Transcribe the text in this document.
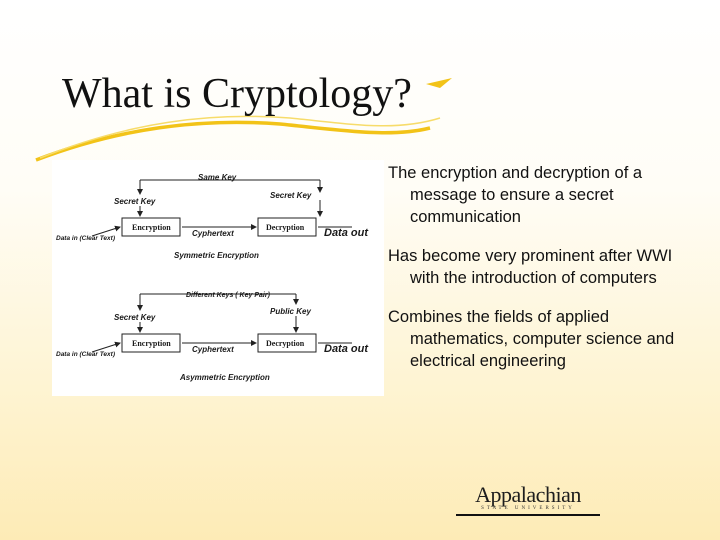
What is Cryptology?
Same Key
Secret Key
Secret Key
Encryption	Decryption
Cyphertext
Data in (Clear Text)	Data out
Symmetric Encryption
Different Keys ( Key Pair)
Secret Key
Public Key
Encryption	Decryption
Cyphertext
Data in (Clear Text)	Data out
Asymmetric Encryption
The encryption and decryption of a message to ensure a secret communication
Has become very prominent after WWI with the introduction of computers
Combines the fields of applied mathematics, computer science and electrical engineering
Appalachian
STATE UNIVERSITY
